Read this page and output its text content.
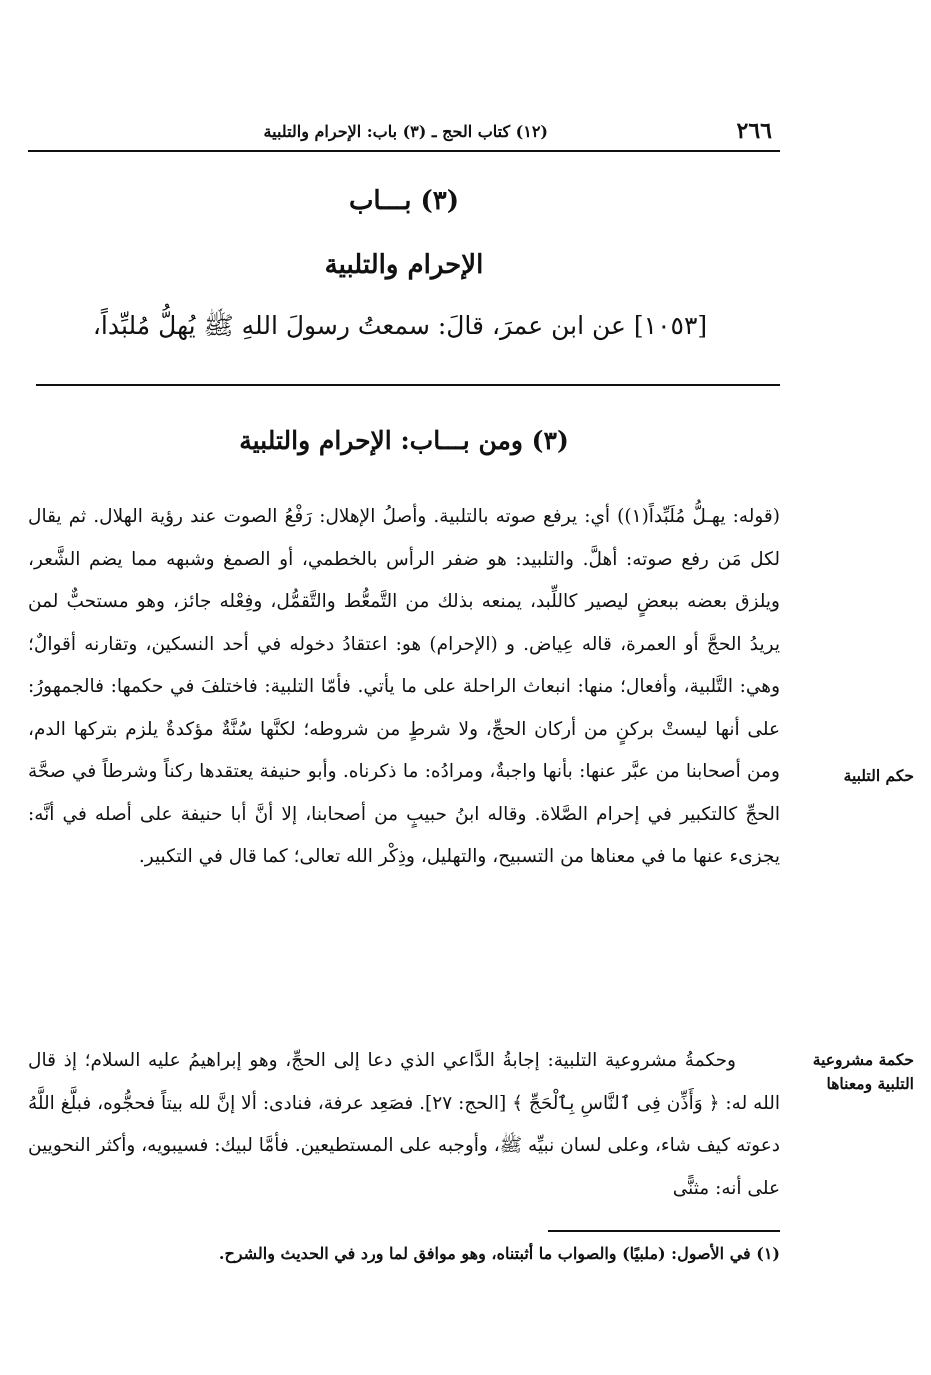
٢٦٦
(١٢) كتاب الحج ـ (٣) باب: الإحرام والتلبية
(٣) بـــاب
الإحرام والتلبية
[١٠٥٣] عن ابن عمرَ، قالَ: سمعتُ رسولَ اللهِ ﷺ يُهلُّ مُلبِّداً،
(٣) ومن بـــاب: الإحرام والتلبية
(قوله: يهـلُّ مُلَبِّداً(١)) أي: يرفع صوته بالتلبية. وأصلُ الإهلال: رَفْعُ الصوت عند رؤية الهلال. ثم يقال لكل مَن رفع صوته: أهلَّ. والتلبيد: هو ضفر الرأس بالخطمي، أو الصمغ وشبهه مما يضم الشَّعر، ويلزق بعضه ببعضٍ ليصير كاللِّبد، يمنعه بذلك من التَّمعُّط والتَّقمُّل، وفِعْله جائز، وهو مستحبٌّ لمن يريدُ الحجَّ أو العمرة، قاله عِياض. و (الإحرام) هو: اعتقادُ دخوله في أحد النسكين، وتقارنه أقوالٌ؛ وهي: التَّلبية، وأفعال؛ منها: انبعاث الراحلة على ما يأتي. فأمّا التلبية: فاختلفَ في حكمها: فالجمهورُ: على أنها ليستْ بركنٍ من أركان الحجِّ، ولا شرطٍ من شروطه؛ لكنَّها سُنَّةٌ مؤكدةٌ يلزم بتركها الدم، ومن أصحابنا من عبَّر عنها: بأنها واجبةٌ، ومرادُه: ما ذكرناه. وأبو حنيفة يعتقدها ركناً وشرطاً في صحَّة الحجِّ كالتكبير في إحرام الصَّلاة. وقاله ابنُ حبيبٍ من أصحابنا، إلا أنَّ أبا حنيفة على أصله في أنَّه: يجزىء عنها ما في معناها من التسبيح، والتهليل، وذِكْر الله تعالى؛ كما قال في التكبير.
حكم التلبية
وحكمةُ مشروعية التلبية: إجابةُ الدَّاعي الذي دعا إلى الحجِّ، وهو إبراهيمُ عليه السلام؛ إذ قال الله له: ﴿ وَأَذِّن فِى ٱلنَّاسِ بِٱلْحَجِّ ﴾ [الحج: ٢٧]. فصَعِد عرفة، فنادى: ألا إنَّ لله بيتاً فحجُّوه، فبلَّغ اللَّهُ دعوته كيف شاء، وعلى لسان نبيِّه ﷺ، وأوجبه على المستطيعين. فأمَّا لبيك: فسيبويه، وأكثر النحويين على أنه: مثنًّى
حكمة مشروعية التلبية ومعناها
(١) في الأصول: (ملبيًا) والصواب ما أثبتناه، وهو موافق لما ورد في الحديث والشرح.
